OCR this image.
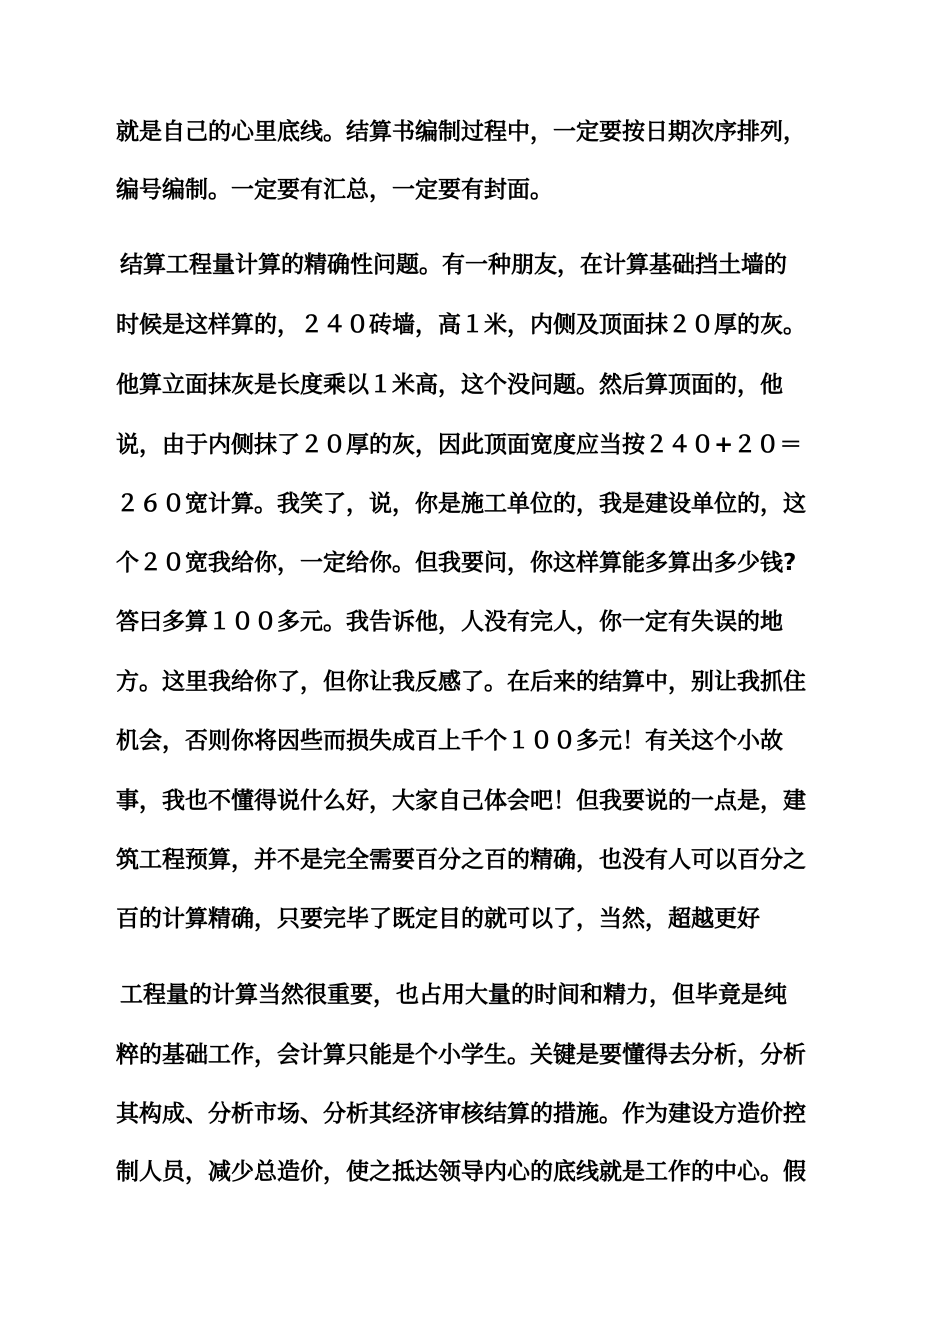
就是自己的心里底线。结算书编制过程中，一定要按日期次序排列，
编号编制。一定要有汇总，一定要有封面。
结算工程量计算的精确性问题。有一种朋友，在计算基础挡土墙的
时候是这样算的，２４０砖墙，高１米，内侧及顶面抹２０厚的灰。
他算立面抹灰是长度乘以１米高，这个没问题。然后算顶面的，他
说，由于内侧抹了２０厚的灰，因此顶面宽度应当按２４０+２０＝
２６０宽计算。我笑了，说，你是施工单位的，我是建设单位的，这
个２０宽我给你，一定给你。但我要问，你这样算能多算出多少钱?
答曰多算１００多元。我告诉他，人没有完人，你一定有失误的地
方。这里我给你了，但你让我反感了。在后来的结算中，别让我抓住
机会，否则你将因些而损失成百上千个１００多元！有关这个小故
事，我也不懂得说什么好，大家自己体会吧！但我要说的一点是，建
筑工程预算，并不是完全需要百分之百的精确，也没有人可以百分之
百的计算精确，只要完毕了既定目的就可以了，当然，超越更好
工程量的计算当然很重要，也占用大量的时间和精力，但毕竟是纯
粹的基础工作，会计算只能是个小学生。关键是要懂得去分析，分析
其构成、分析市场、分析其经济审核结算的措施。作为建设方造价控
制人员，减少总造价，使之抵达领导内心的底线就是工作的中心。假
